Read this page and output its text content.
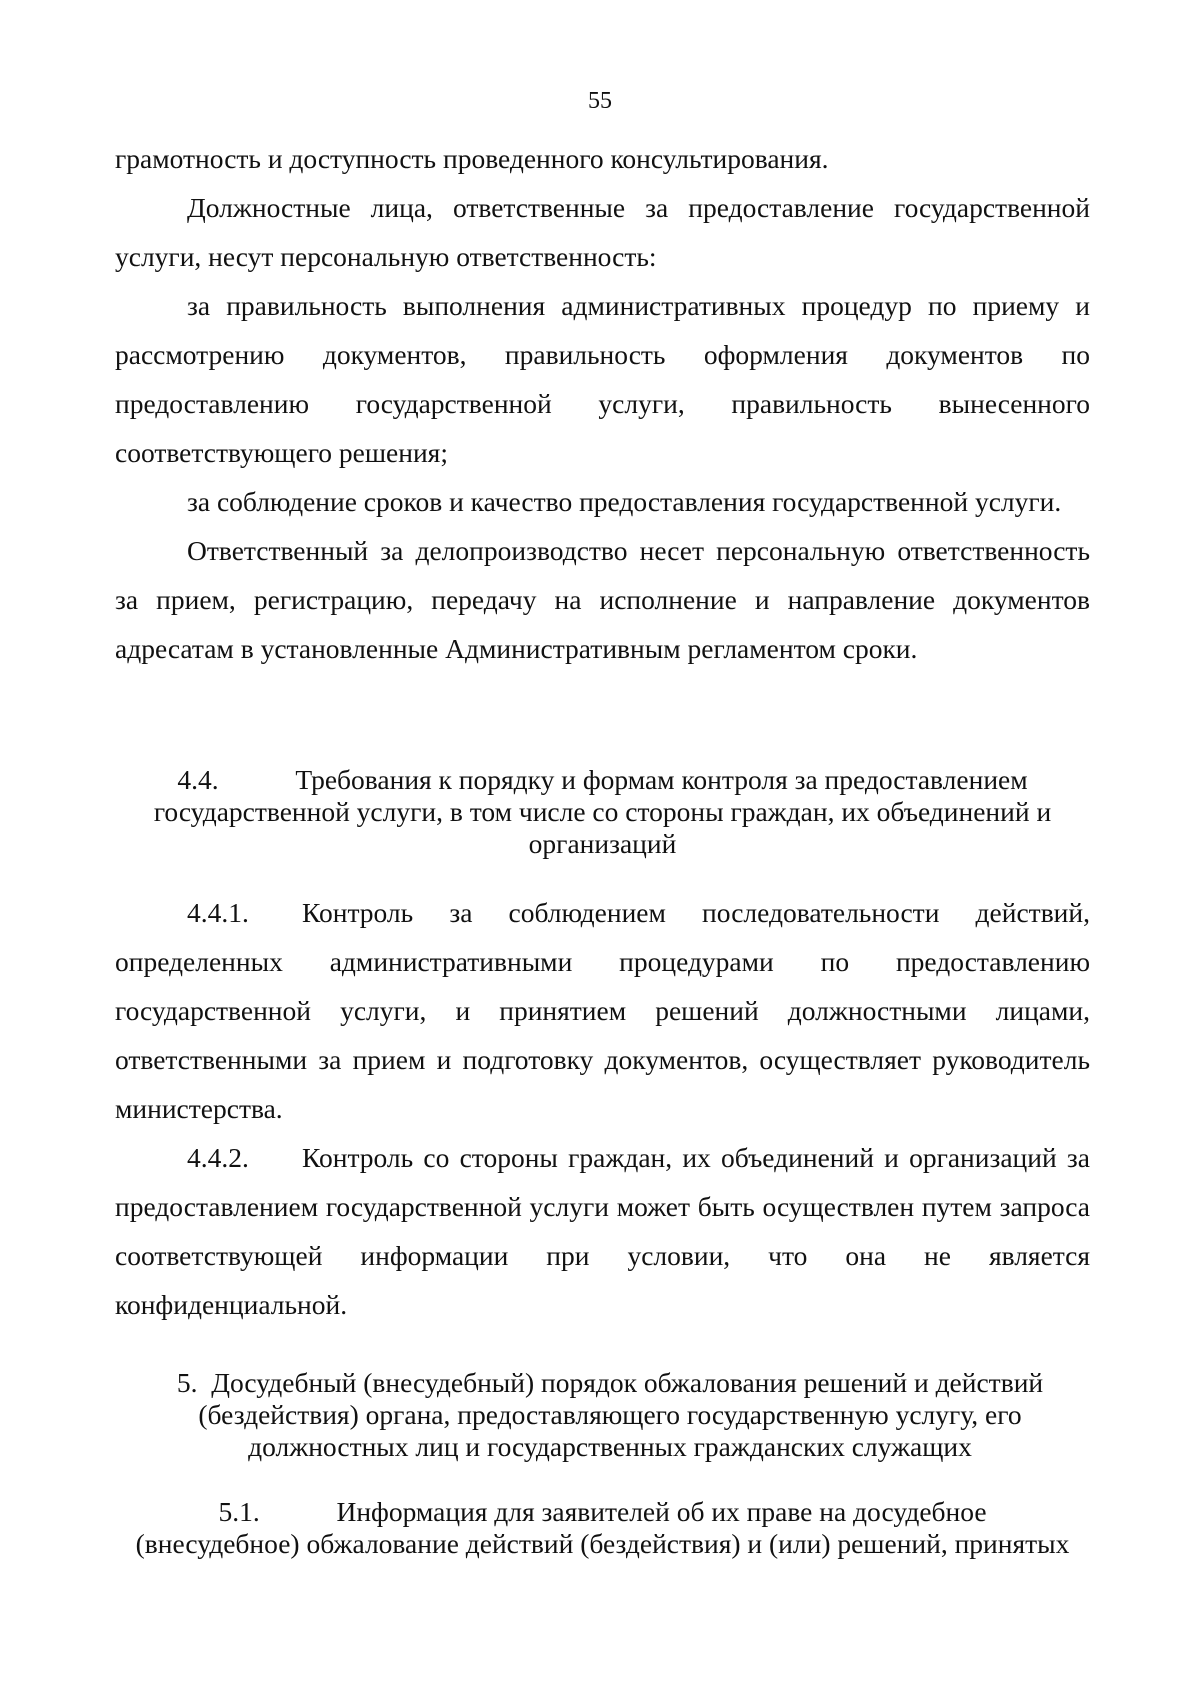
55

грамотность и доступность проведенного консультирования.

Должностные лица, ответственные за предоставление государственной услуги, несут персональную ответственность:

за правильность выполнения административных процедур по приему и рассмотрению документов, правильность оформления документов по предоставлению государственной услуги, правильность вынесенного соответствующего решения;

за соблюдение сроков и качество предоставления государственной услуги.

Ответственный за делопроизводство несет персональную ответственность за прием, регистрацию, передачу на исполнение и направление документов адресатам в установленные Административным регламентом сроки.

4.4.	Требования к порядку и формам контроля за предоставлением
государственной услуги, в том числе со стороны граждан, их объединений и
организаций

4.4.1. Контроль за соблюдением последовательности действий, определенных административными процедурами по предоставлению государственной услуги, и принятием решений должностными лицами, ответственными за прием и подготовку документов, осуществляет руководитель министерства.

4.4.2. Контроль со стороны граждан, их объединений и организаций за предоставлением государственной услуги может быть осуществлен путем запроса соответствующей информации при условии, что она не является конфиденциальной.

5. Досудебный (внесудебный) порядок обжалования решений и действий
(бездействия) органа, предоставляющего государственную услугу, его
должностных лиц и государственных гражданских служащих
5.1.	Информация для заявителей об их праве на досудебное
(внесудебное) обжалование действий (бездействия) и (или) решений, принятых
